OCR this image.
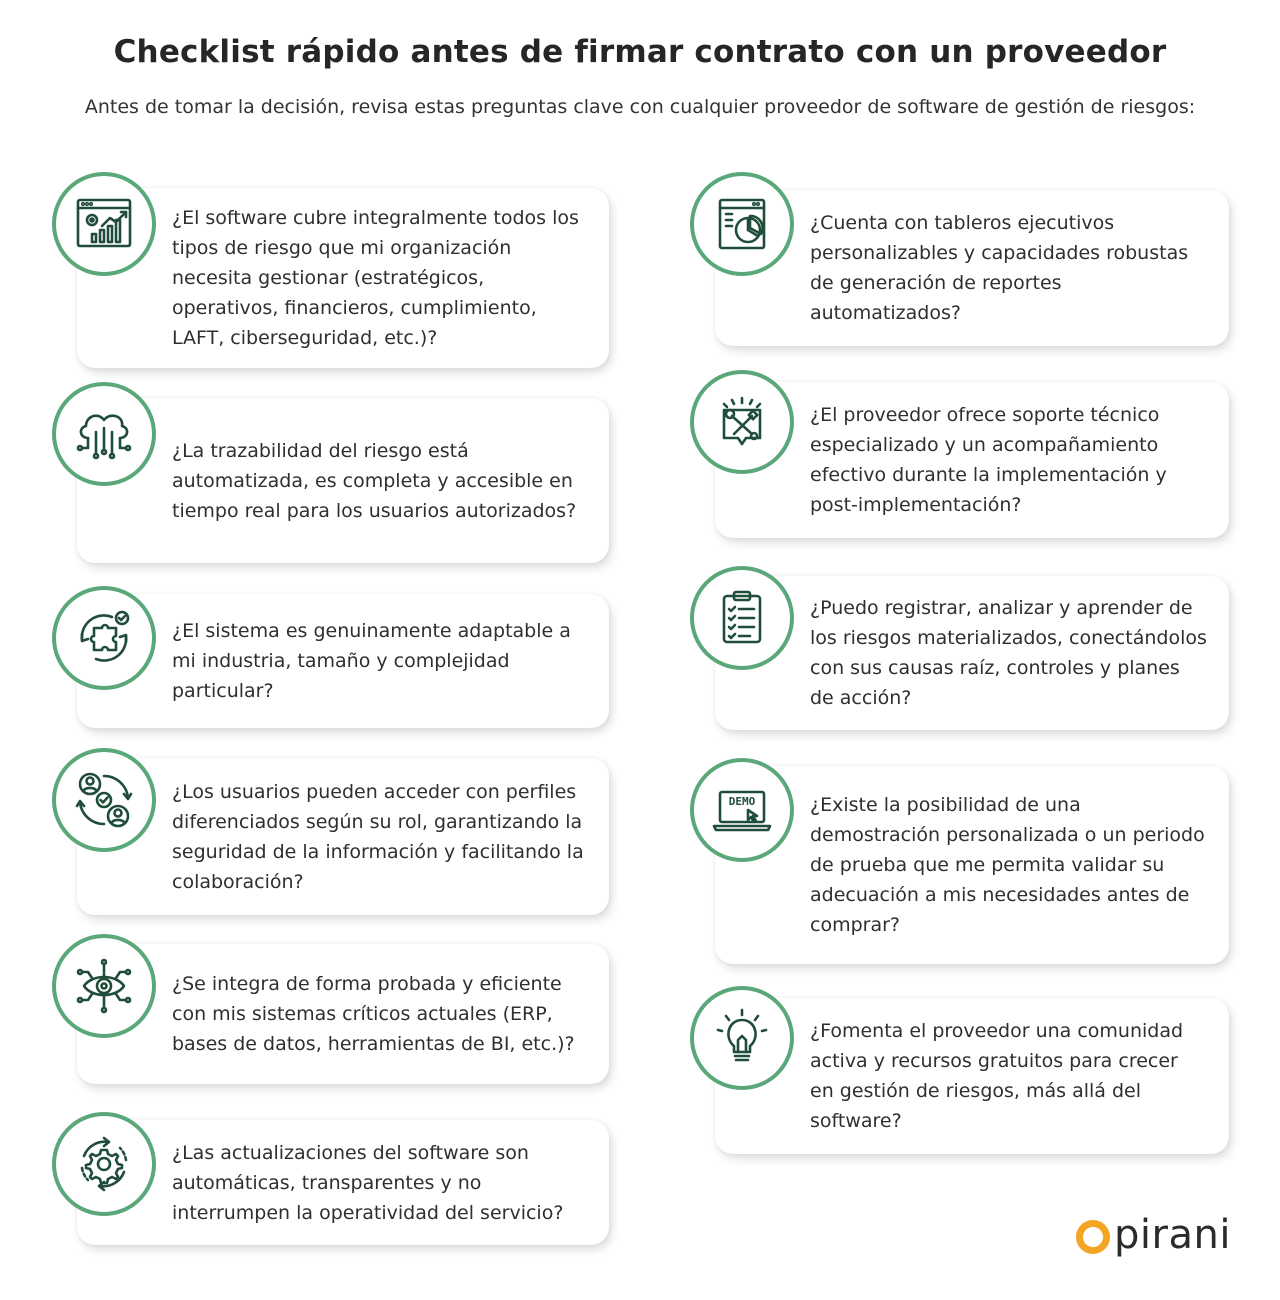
Checklist rápido antes de firmar contrato con un proveedor
Antes de tomar la decisión, revisa estas preguntas clave con cualquier proveedor de software de gestión de riesgos:
¿El software cubre integralmente todos los tipos de riesgo que mi organización necesita gestionar (estratégicos, operativos, financieros, cumplimiento, LAFT, ciberseguridad, etc.)?
¿La trazabilidad del riesgo está automatizada, es completa y accesible en tiempo real para los usuarios autorizados?
¿El sistema es genuinamente adaptable a mi industria, tamaño y complejidad particular?
¿Los usuarios pueden acceder con perfiles diferenciados según su rol, garantizando la seguridad de la información y facilitando la colaboración?
¿Se integra de forma probada y eficiente con mis sistemas críticos actuales (ERP, bases de datos, herramientas de BI, etc.)?
¿Las actualizaciones del software son automáticas, transparentes y no interrumpen la operatividad del servicio?
¿Cuenta con tableros ejecutivos personalizables y capacidades robustas de generación de reportes automatizados?
¿El proveedor ofrece soporte técnico especializado y un acompañamiento efectivo durante la implementación y post-implementación?
¿Puedo registrar, analizar y aprender de los riesgos materializados, conectándolos con sus causas raíz, controles y planes de acción?
¿Existe la posibilidad de una demostración personalizada o un periodo de prueba que me permita validar su adecuación a mis necesidades antes de comprar?
DEMO
¿Fomenta el proveedor una comunidad activa y recursos gratuitos para crecer en gestión de riesgos, más allá del software?
pirani
